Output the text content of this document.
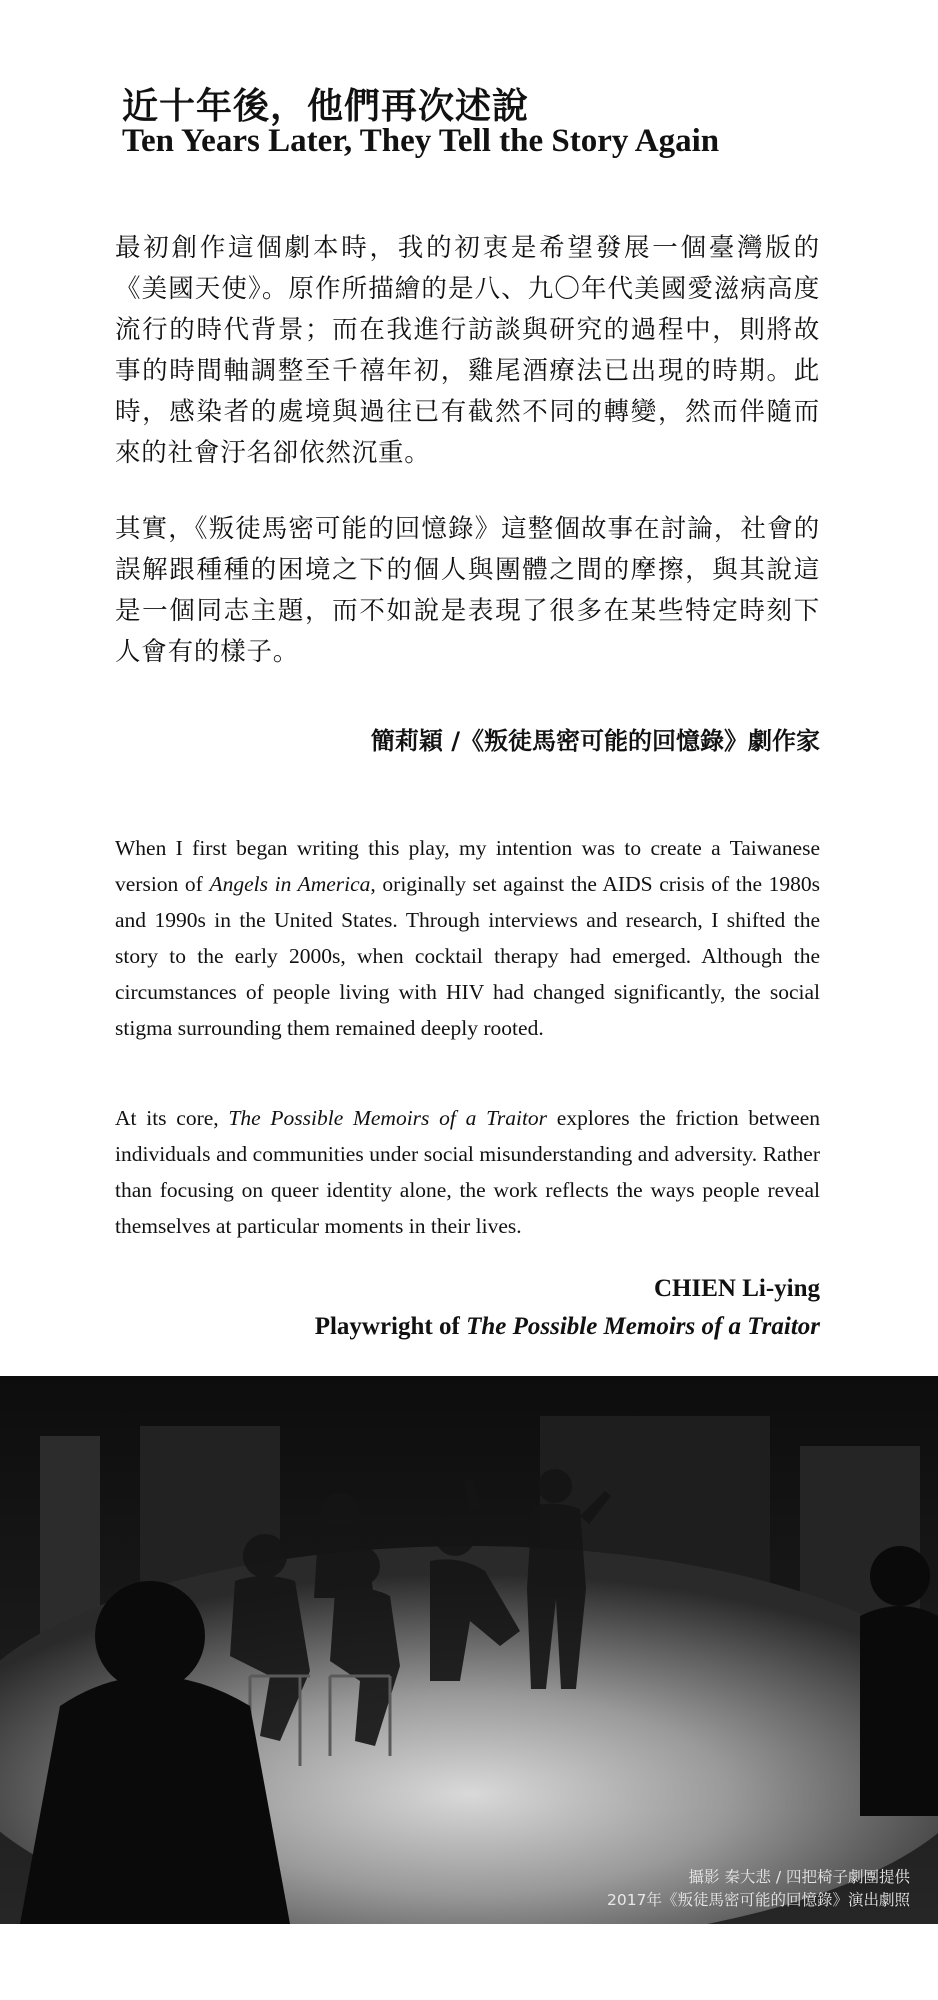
近十年後，他們再次述說
Ten Years Later, They Tell the Story Again

最初創作這個劇本時，我的初衷是希望發展一個臺灣版的《美國天使》。原作所描繪的是八、九〇年代美國愛滋病高度流行的時代背景；而在我進行訪談與研究的過程中，則將故事的時間軸調整至千禧年初，雞尾酒療法已出現的時期。此時，感染者的處境與過往已有截然不同的轉變，然而伴隨而來的社會汙名卻依然沉重。

其實，《叛徒馬密可能的回憶錄》這整個故事在討論，社會的誤解跟種種的困境之下的個人與團體之間的摩擦，與其說這是一個同志主題，而不如說是表現了很多在某些特定時刻下人會有的樣子。

簡莉穎 /《叛徒馬密可能的回憶錄》劇作家

When I first began writing this play, my intention was to create a Taiwanese version of Angels in America, originally set against the AIDS crisis of the 1980s and 1990s in the United States. Through interviews and research, I shifted the story to the early 2000s, when cocktail therapy had emerged. Although the circumstances of people living with HIV had changed significantly, the social stigma surrounding them remained deeply rooted.

At its core, The Possible Memoirs of a Traitor explores the friction between individuals and communities under social misunderstanding and adversity. Rather than focusing on queer identity alone, the work reflects the ways people reveal themselves at particular moments in their lives.

CHIEN Li-ying
Playwright of The Possible Memoirs of a Traitor
攝影 秦大悲 / 四把椅子劇團提供
2017年《叛徒馬密可能的回憶錄》演出劇照
